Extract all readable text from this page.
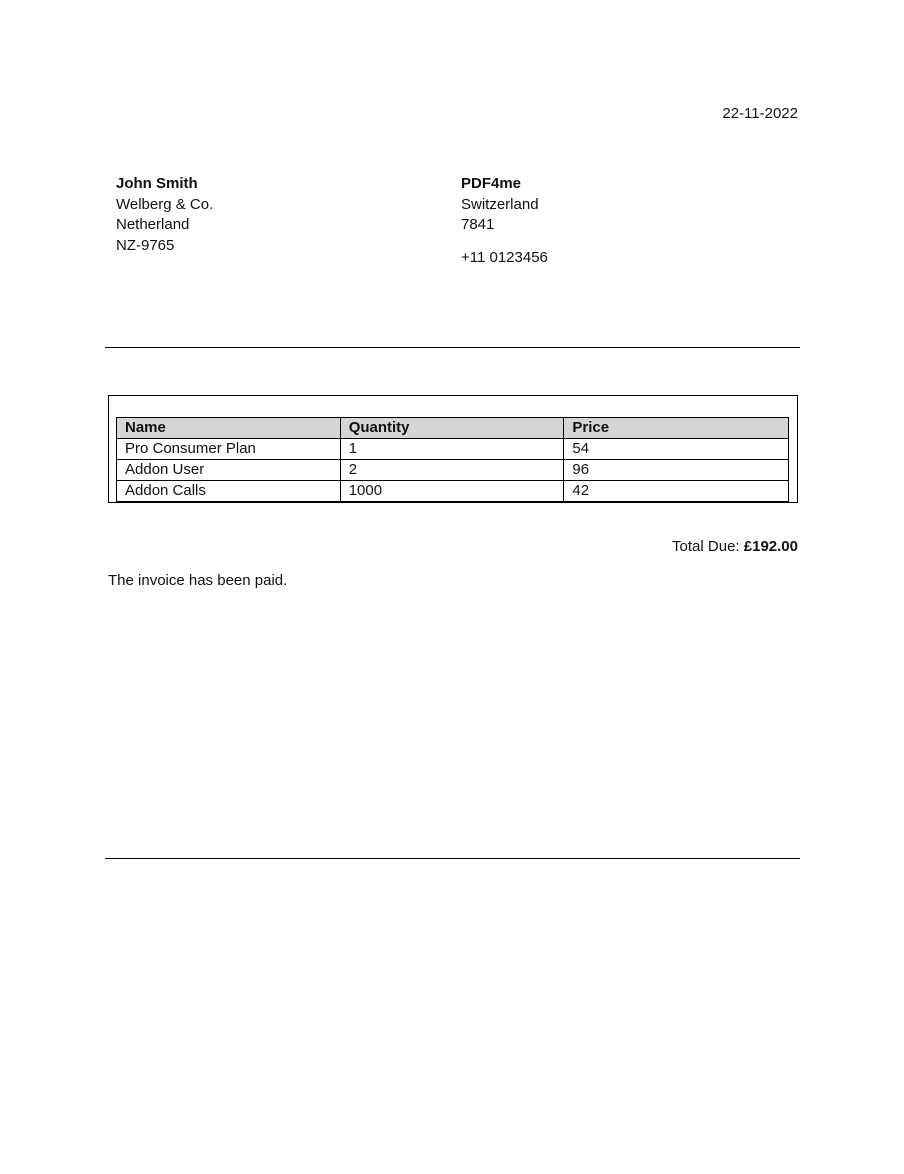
22-11-2022
John Smith
Welberg & Co.
Netherland
NZ-9765
PDF4me
Switzerland
7841
+11 0123456
Name	Quantity	Price
Pro Consumer Plan	1	54
Addon User	2	96
Addon Calls	1000	42
Total Due: £192.00
The invoice has been paid.
